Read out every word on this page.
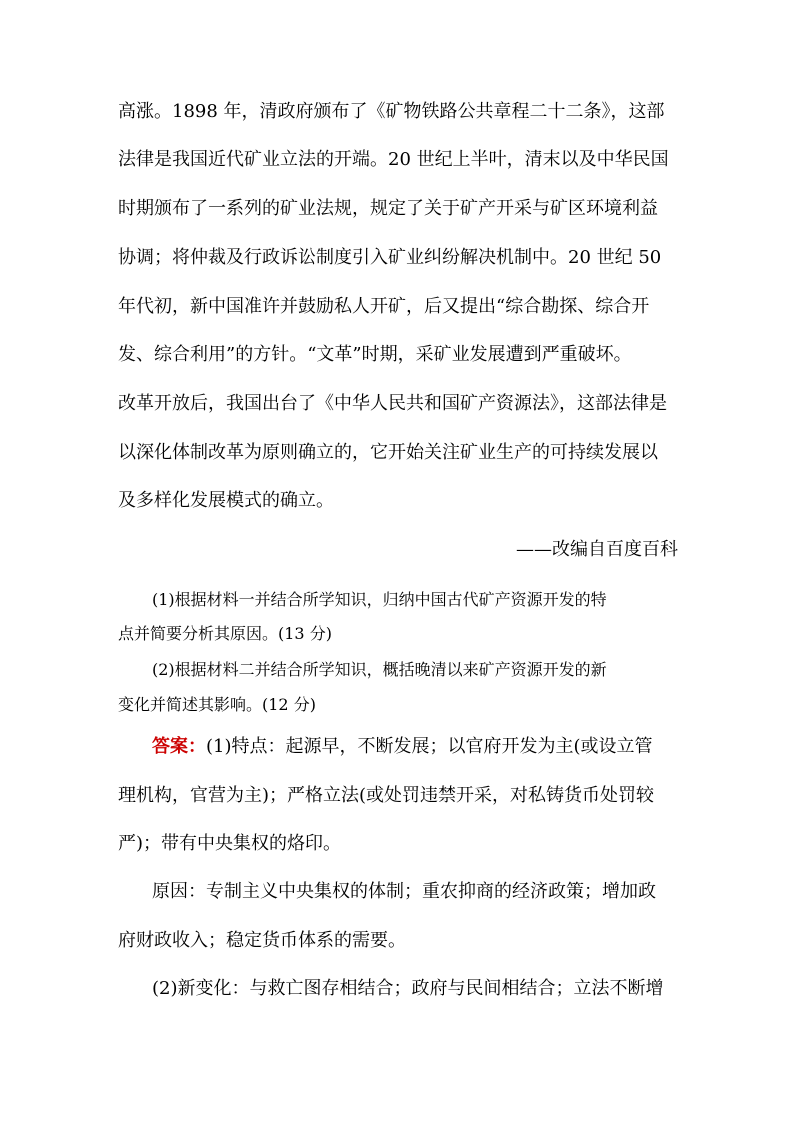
高涨。1898 年，清政府颁布了《矿物铁路公共章程二十二条》，这部
法律是我国近代矿业立法的开端。20 世纪上半叶，清末以及中华民国
时期颁布了一系列的矿业法规，规定了关于矿产开采与矿区环境利益
协调；将仲裁及行政诉讼制度引入矿业纠纷解决机制中。20 世纪 50
年代初，新中国准许并鼓励私人开矿，后又提出“综合勘探、综合开
发、综合利用”的方针。“文革”时期，采矿业发展遭到严重破坏。
改革开放后，我国出台了《中华人民共和国矿产资源法》，这部法律是
以深化体制改革为原则确立的，它开始关注矿业生产的可持续发展以
及多样化发展模式的确立。
——改编自百度百科
(1)根据材料一并结合所学知识，归纳中国古代矿产资源开发的特
点并简要分析其原因。(13 分)
(2)根据材料二并结合所学知识，概括晚清以来矿产资源开发的新
变化并简述其影响。(12 分)
答案：(1)特点：起源早，不断发展；以官府开发为主(或设立管
理机构，官营为主)；严格立法(或处罚违禁开采，对私铸货币处罚较
严)；带有中央集权的烙印。
原因：专制主义中央集权的体制；重农抑商的经济政策；增加政
府财政收入；稳定货币体系的需要。
(2)新变化：与救亡图存相结合；政府与民间相结合；立法不断增
